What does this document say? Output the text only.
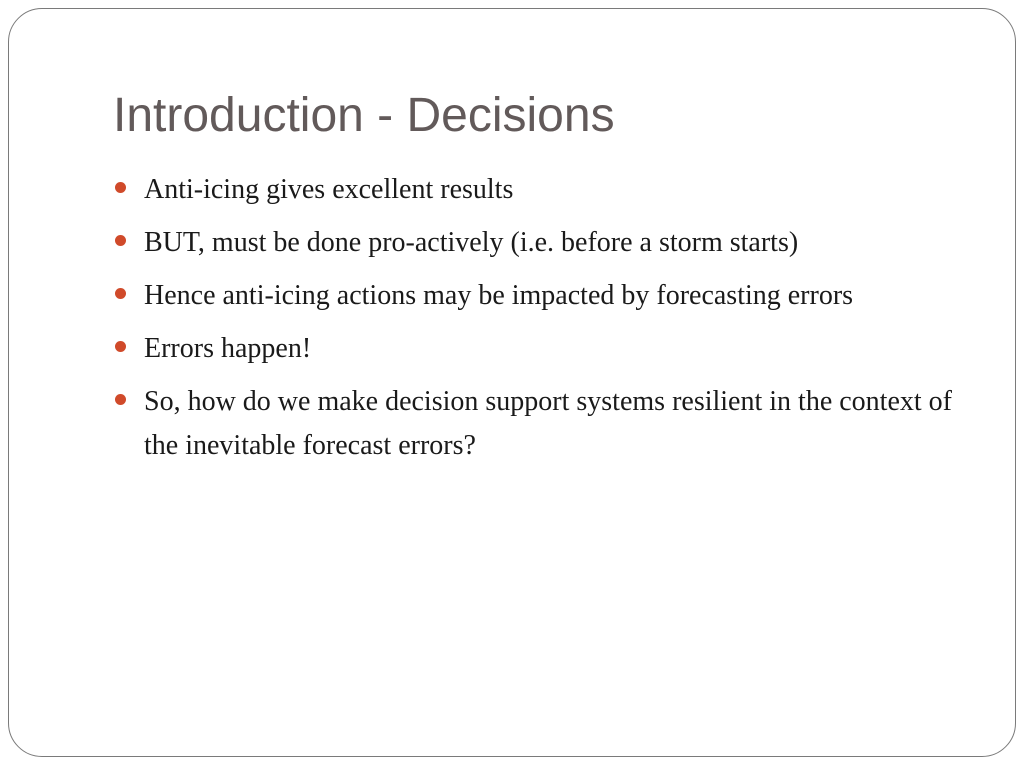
Introduction - Decisions
Anti-icing gives excellent results
BUT, must be done pro-actively (i.e. before a storm starts)
Hence anti-icing actions may be impacted by forecasting errors
Errors happen!
So, how do we make decision support systems resilient in the context of the inevitable forecast errors?
